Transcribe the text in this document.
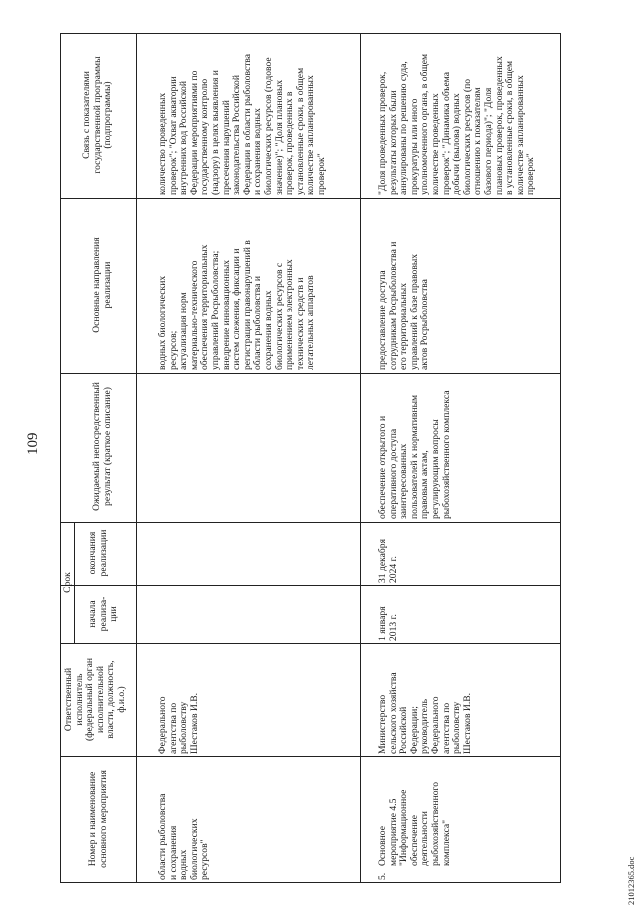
109
21012365.doc
Номер и наименование
основного мероприятия
Ответственный
исполнитель
(федеральный орган
исполнительной
власти, должность,
ф.и.о.)
Срок
начала
реализа-
ции
окончания
реализации
Ожидаемый непосредственный
результат (краткое описание)
Основные направления
реализации
Связь с показателями
государственной программы
(подпрограммы)
области рыболовства
и сохранения
водных
биологических
ресурсов"
Федерального
агентства по
рыболовству
Шестаков И.В.
водных биологических
ресурсов;
актуализация норм
материально-технического
обеспечения территориальных
управлений Росрыболовства;
внедрение инновационных
систем слежения, фиксации и
регистрации правонарушений в
области рыболовства и
сохранения водных
биологических ресурсов с
применением электронных
технических средств и
летательных аппаратов
количество проведенных
проверок"; "Охват акватории
внутренних вод Российской
Федерации мероприятиями по
государственному контролю
(надзору) в целях выявления и
пресечения нарушений
законодательства Российской
Федерации в области рыболовства
и сохранения водных
биологических ресурсов (годовое
значение)"; "Доля плановых
проверок, проведенных в
установленные сроки, в общем
количестве запланированных
проверок"
5.
Основное
мероприятие 4.5
"Информационное
обеспечение
деятельности
рыбохозяйственного
комплекса"
Министерство
сельского хозяйства
Российской
Федерации;
руководитель
Федерального
агентства по
рыболовству
Шестаков И.В.
1 января
2013 г.
31 декабря
2024 г.
обеспечение открытого и
оперативного доступа
заинтересованных
пользователей к нормативным
правовым актам,
регулирующим вопросы
рыбохозяйственного комплекса
предоставление доступа
сотрудникам Росрыболовства и
его территориальных
управлений к базе правовых
актов Росрыболовства
"Доля проведенных проверок,
результаты которых были
аннулированы по решению суда,
прокуратуры или иного
уполномоченного органа, в общем
количестве проведенных
проверок"; "Динамика объема
добычи (вылова) водных
биологических ресурсов (по
отношению к показателям
базового периода)"; "Доля
плановых проверок, проведенных
в установленные сроки, в общем
количестве запланированных
проверок"
